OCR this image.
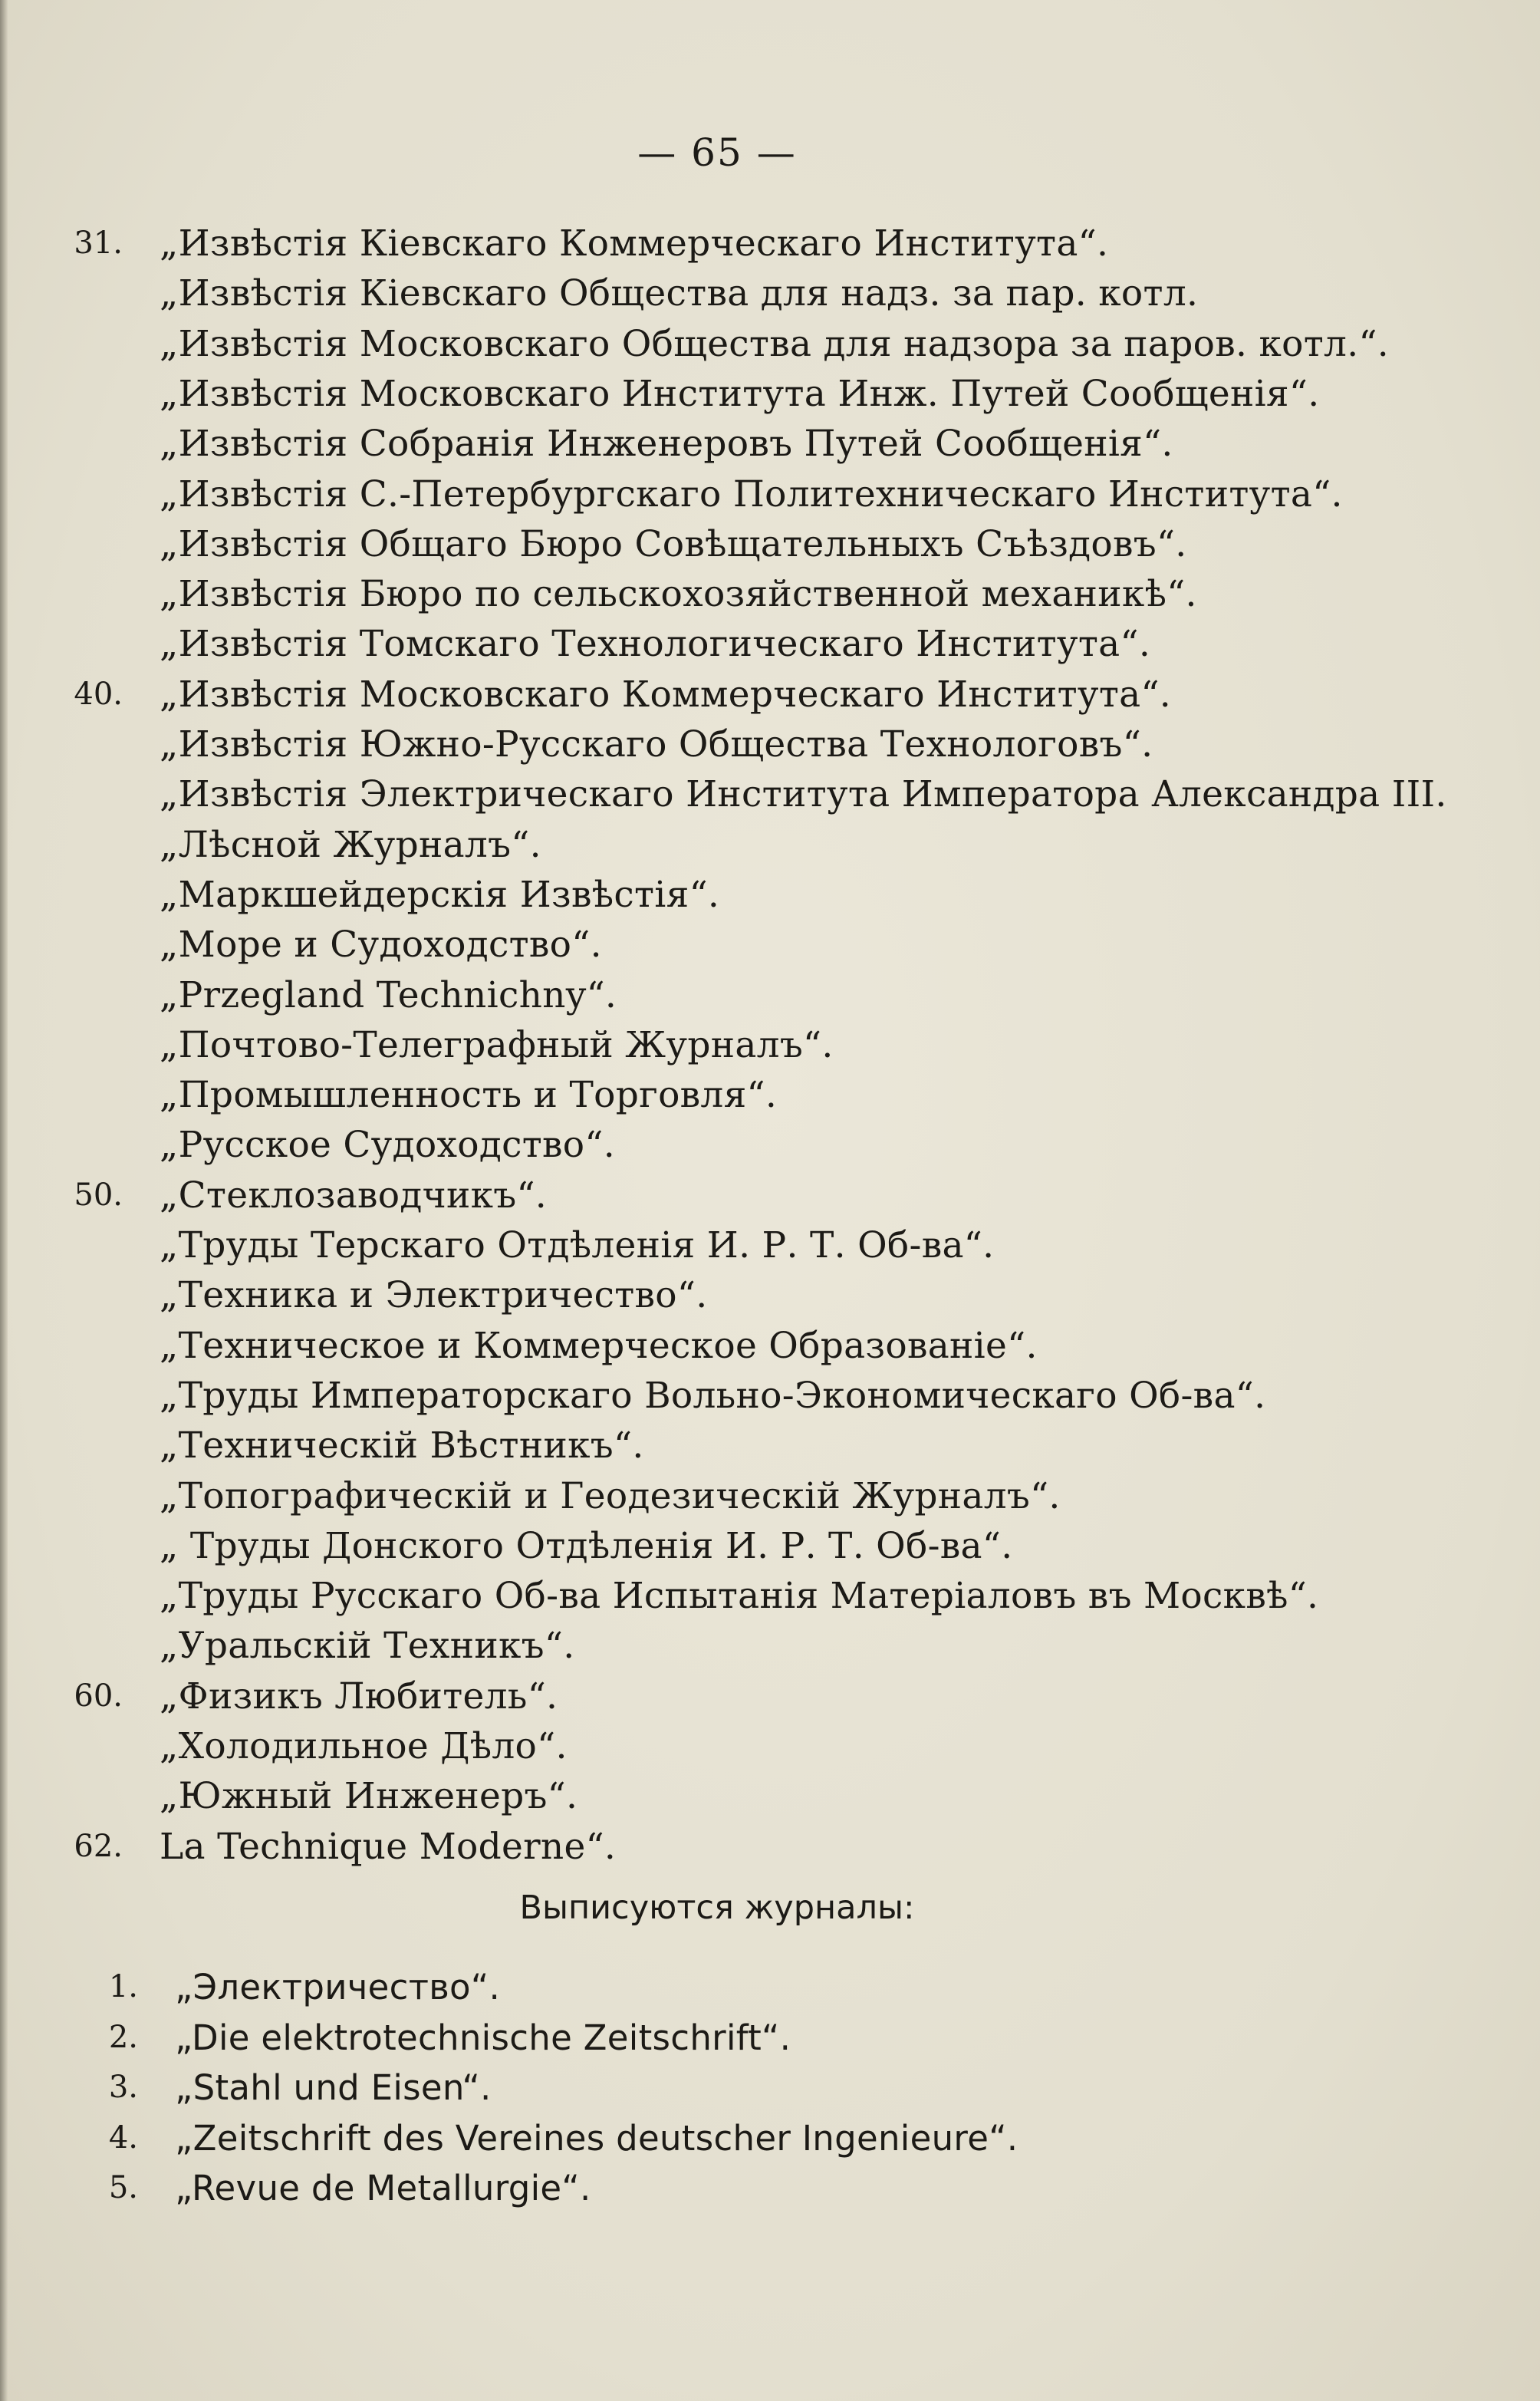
— 65 —
31. „Извѣстія Кіевскаго Коммерческаго Института“.
„Извѣстія Кіевскаго Общества для надз. за пар. котл.
„Извѣстія Московскаго Общества для надзора за паров. котл.“.
„Извѣстія Московскаго Института Инж. Путей Сообщенія“.
„Извѣстія Собранія Инженеровъ Путей Сообщенія“.
„Извѣстія С.-Петербургскаго Политехническаго Института“.
„Извѣстія Общаго Бюро Совѣщательныхъ Съѣздовъ“.
„Извѣстія Бюро по сельскохозяйственной механикѣ“.
„Извѣстія Томскаго Технологическаго Института“.
40. „Извѣстія Московскаго Коммерческаго Института“.
„Извѣстія Южно-Русскаго Общества Технологовъ“.
„Извѣстія Электрическаго Института Императора Александра III.
„Лѣсной Журналъ“.
„Маркшейдерскія Извѣстія“.
„Море и Судоходство“.
„Przegland Technichny“.
„Почтово-Телеграфный Журналъ“.
„Промышленность и Торговля“.
„Русское Судоходство“.
50. „Стеклозаводчикъ“.
„Труды Терскаго Отдѣленія И. Р. Т. Об-ва“.
„Техника и Электричество“.
„Техническое и Коммерческое Образованіе“.
„Труды Императорскаго Вольно-Экономическаго Об-ва“.
„Техническій Вѣстникъ“.
„Топографическій и Геодезическій Журналъ“.
„ Труды Донского Отдѣленія И. Р. Т. Об-ва“.
„Труды Русскаго Об-ва Испытанія Матеріаловъ въ Москвѣ“.
„Уральскій Техникъ“.
60. „Физикъ Любитель“.
„Холодильное Дѣло“.
„Южный Инженеръ“.
62. La Technique Moderne“.
Выписуются журналы:
1. „Электричество“.
2. „Die elektrotechnische Zeitschrift“.
3. „Stahl und Eisen“.
4. „Zeitschrift des Vereines deutscher Ingenieure“.
5. „Revue de Metallurgie“.
